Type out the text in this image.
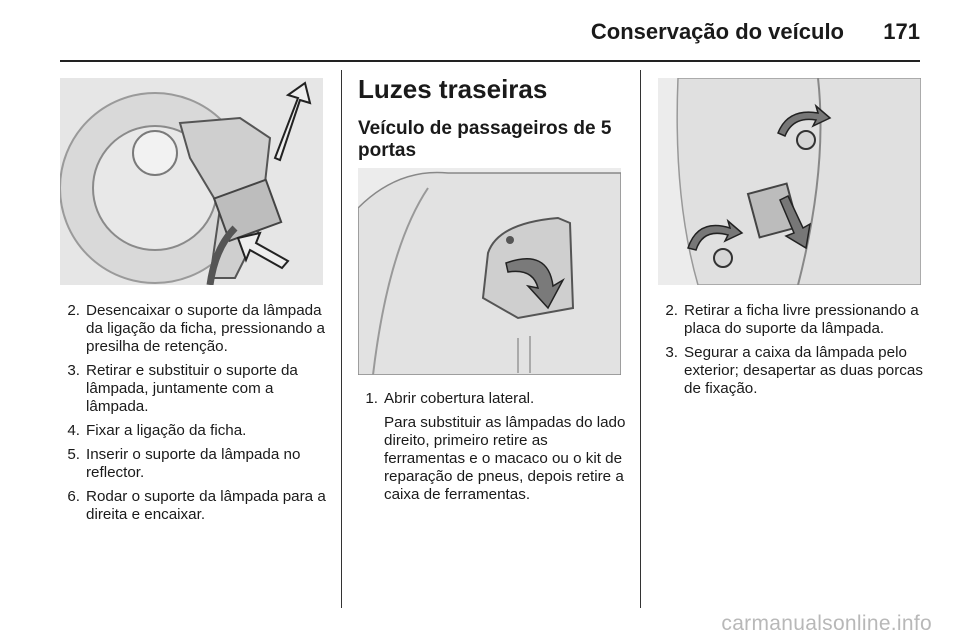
Conservação do veículo 171
2. Desencaixar o suporte da lâmpada da ligação da ficha, pressionando a presilha de retenção.
3. Retirar e substituir o suporte da lâmpada, juntamente com a lâmpada.
4. Fixar a ligação da ficha.
5. Inserir o suporte da lâmpada no reflector.
6. Rodar o suporte da lâmpada para a direita e encaixar.
Luzes traseiras
Veículo de passageiros de 5 portas
1. Abrir cobertura lateral.
Para substituir as lâmpadas do lado direito, primeiro retire as ferramentas e o macaco ou o kit de reparação de pneus, depois retire a caixa de ferramentas.
2. Retirar a ficha livre pressionando a placa do suporte da lâmpada.
3. Segurar a caixa da lâmpada pelo exterior; desapertar as duas porcas de fixação.
carmanualsonline.info
